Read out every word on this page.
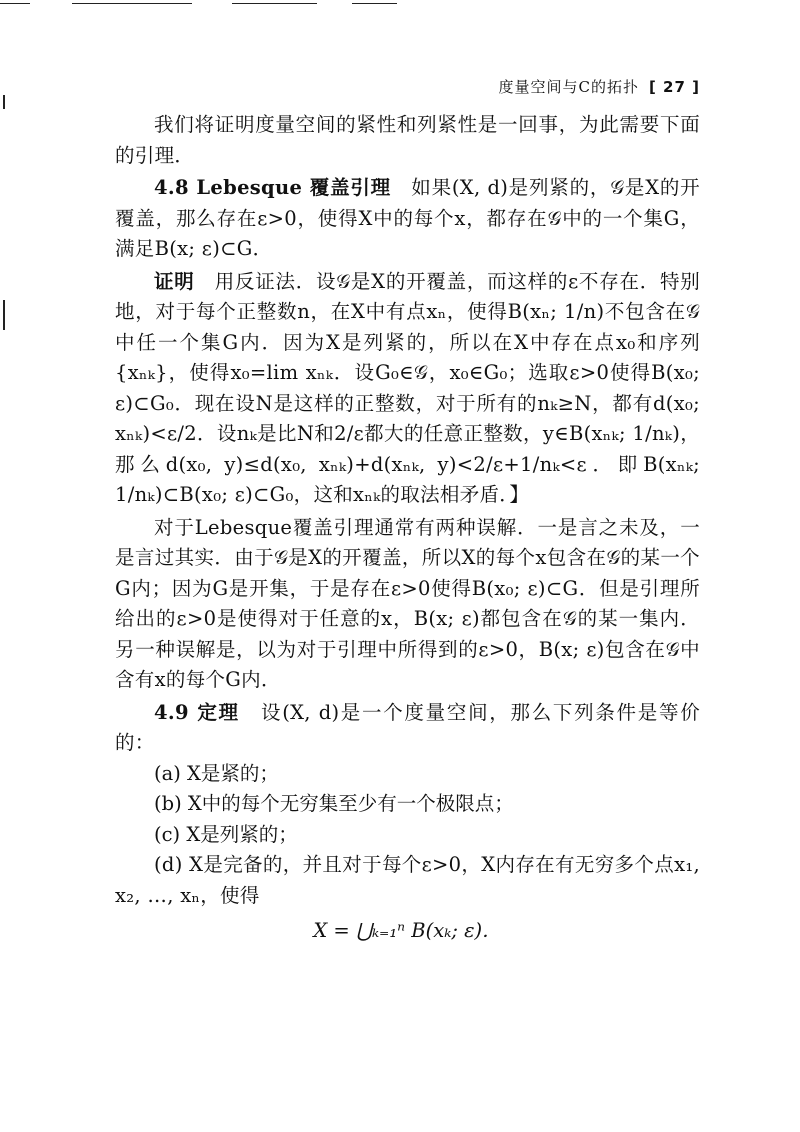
度量空间与C的拓扑 [ 27 ]

我们将证明度量空间的紧性和列紧性是一回事，为此需要下面的引理．

4.8 Lebesque 覆盖引理　 如果(X, d)是列紧的，𝒢是X的开覆盖，那么存在ε>0，使得X中的每个x，都存在𝒢中的一个集G，满足B(x; ε)⊂G．

证明　 用反证法．设𝒢是X的开覆盖，而这样的ε不存在．特别地，对于每个正整数n，在X中有点xₙ，使得B(xₙ; 1/n)不包含在𝒢中任一个集G内．因为X是列紧的，所以在X中存在点x₀和序列{xₙₖ}，使得x₀=lim xₙₖ．设G₀∈𝒢，x₀∈G₀；选取ε>0使得B(x₀; ε)⊂G₀．现在设N是这样的正整数，对于所有的nₖ≥N，都有d(x₀; xₙₖ)<ε/2．设nₖ是比N和2/ε都大的任意正整数，y∈B(xₙₖ; 1/nₖ)，那么d(x₀, y)≤d(x₀, xₙₖ)+d(xₙₖ, y)<2/ε+1/nₖ<ε．即B(xₙₖ; 1/nₖ)⊂B(x₀; ε)⊂G₀，这和xₙₖ的取法相矛盾．】

对于Lebesque覆盖引理通常有两种误解．一是言之未及，一是言过其实．由于𝒢是X的开覆盖，所以X的每个x包含在𝒢的某一个G内；因为G是开集，于是存在ε>0使得B(x₀; ε)⊂G．但是引理所给出的ε>0是使得对于任意的x，B(x; ε)都包含在𝒢的某一集内．另一种误解是，以为对于引理中所得到的ε>0，B(x; ε)包含在𝒢中含有x的每个G内．

4.9 定理　 设(X, d)是一个度量空间，那么下列条件是等价的：

(a) X是紧的；

(b) X中的每个无穷集至少有一个极限点；

(c) X是列紧的；

(d) X是完备的，并且对于每个ε>0，X内存在有无穷多个点x₁, x₂, …, xₙ，使得

X = ⋃ₖ₌₁ⁿ B(xₖ; ε)．
